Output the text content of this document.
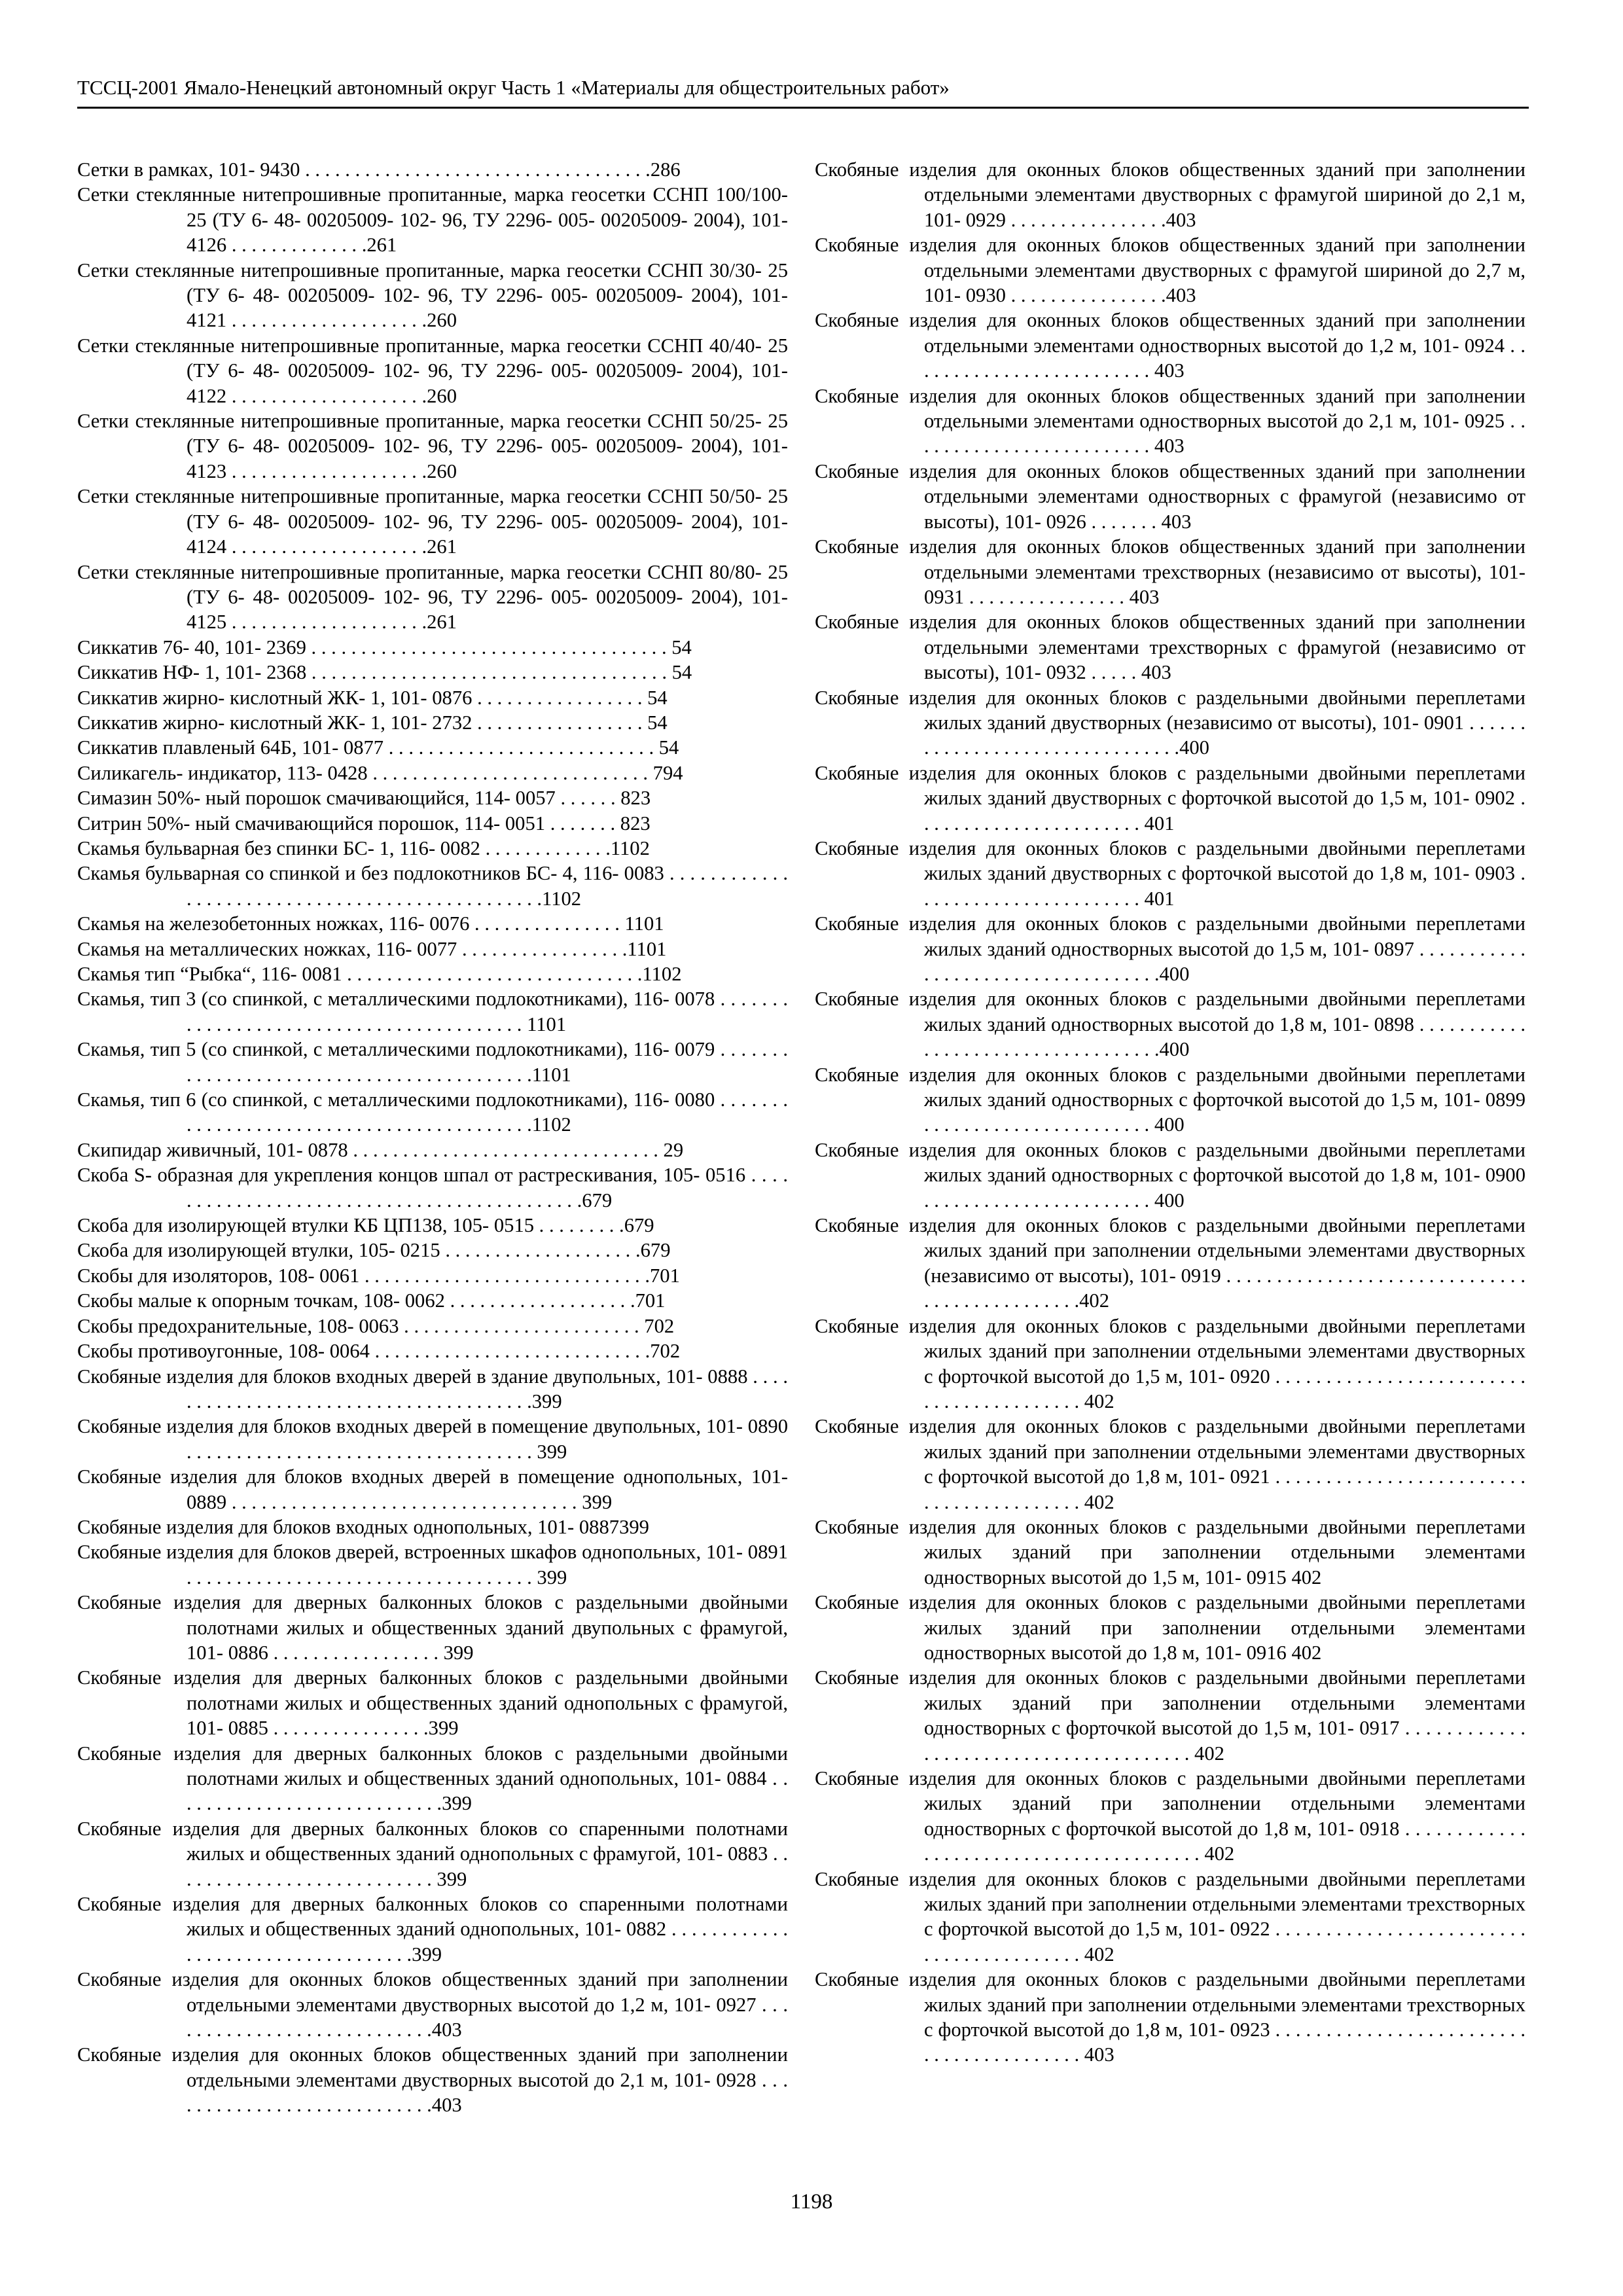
ТССЦ-2001 Ямало-Ненецкий автономный округ Часть 1 «Материалы для общестроительных работ»

Сетки в рамках, 101- 9430 . . . . . . . . . . . . . . . . . . . . . . . . . . . . . . . . . . .286

Сетки стеклянные нитепрошивные пропитанные, марка геосетки ССНП 100/100- 25 (ТУ 6- 48- 00205009- 102- 96, ТУ 2296- 005- 00205009- 2004), 101- 4126 . . . . . . . . . . . . . .261

Сетки стеклянные нитепрошивные пропитанные, марка геосетки ССНП 30/30- 25 (ТУ 6- 48- 00205009- 102- 96, ТУ 2296- 005- 00205009- 2004), 101- 4121 . . . . . . . . . . . . . . . . . . . .260

Сетки стеклянные нитепрошивные пропитанные, марка геосетки ССНП 40/40- 25 (ТУ 6- 48- 00205009- 102- 96, ТУ 2296- 005- 00205009- 2004), 101- 4122 . . . . . . . . . . . . . . . . . . . .260

Сетки стеклянные нитепрошивные пропитанные, марка геосетки ССНП 50/25- 25 (ТУ 6- 48- 00205009- 102- 96, ТУ 2296- 005- 00205009- 2004), 101- 4123 . . . . . . . . . . . . . . . . . . . .260

Сетки стеклянные нитепрошивные пропитанные, марка геосетки ССНП 50/50- 25 (ТУ 6- 48- 00205009- 102- 96, ТУ 2296- 005- 00205009- 2004), 101- 4124 . . . . . . . . . . . . . . . . . . . .261

Сетки стеклянные нитепрошивные пропитанные, марка геосетки ССНП 80/80- 25 (ТУ 6- 48- 00205009- 102- 96, ТУ 2296- 005- 00205009- 2004), 101- 4125 . . . . . . . . . . . . . . . . . . . .261

Сиккатив 76- 40, 101- 2369 . . . . . . . . . . . . . . . . . . . . . . . . . . . . . . . . . . . . 54

Сиккатив НФ- 1, 101- 2368 . . . . . . . . . . . . . . . . . . . . . . . . . . . . . . . . . . . . 54

Сиккатив жирно- кислотный ЖК- 1, 101- 0876 . . . . . . . . . . . . . . . . . 54

Сиккатив жирно- кислотный ЖК- 1, 101- 2732 . . . . . . . . . . . . . . . . . 54

Сиккатив плавленый 64Б, 101- 0877 . . . . . . . . . . . . . . . . . . . . . . . . . . . 54

Силикагель- индикатор, 113- 0428 . . . . . . . . . . . . . . . . . . . . . . . . . . . . 794

Симазин 50%- ный порошок смачивающийся, 114- 0057 . . . . . . 823

Ситрин 50%- ный смачивающийся порошок, 114- 0051 . . . . . . . 823

Скамья бульварная без спинки БС- 1, 116- 0082 . . . . . . . . . . . . .1102

Скамья бульварная со спинкой и без подлокотников БС- 4, 116- 0083 . . . . . . . . . . . . . . . . . . . . . . . . . . . . . . . . . . . . . . . . . . . . . . . .1102

Скамья на железобетонных ножках, 116- 0076 . . . . . . . . . . . . . . . 1101

Скамья на металлических ножках, 116- 0077 . . . . . . . . . . . . . . . . .1101

Скамья тип “Рыбка“, 116- 0081 . . . . . . . . . . . . . . . . . . . . . . . . . . . . . .1102

Скамья, тип 3 (со спинкой, с металлическими подлокотниками), 116- 0078 . . . . . . . . . . . . . . . . . . . . . . . . . . . . . . . . . . . . . . . . . 1101

Скамья, тип 5 (со спинкой, с металлическими подлокотниками), 116- 0079 . . . . . . . . . . . . . . . . . . . . . . . . . . . . . . . . . . . . . . . . . .1101

Скамья, тип 6 (со спинкой, с металлическими подлокотниками), 116- 0080 . . . . . . . . . . . . . . . . . . . . . . . . . . . . . . . . . . . . . . . . . .1102

Скипидар живичный, 101- 0878 . . . . . . . . . . . . . . . . . . . . . . . . . . . . . . . 29

Скоба S- образная для укрепления концов шпал от растрескивания, 105- 0516 . . . . . . . . . . . . . . . . . . . . . . . . . . . . . . . . . . . . . . . . . . . .679

Скоба для изолирующей втулки КБ ЦП138, 105- 0515 . . . . . . . . .679

Скоба для изолирующей втулки, 105- 0215 . . . . . . . . . . . . . . . . . . . .679

Скобы для изоляторов, 108- 0061 . . . . . . . . . . . . . . . . . . . . . . . . . . . . .701

Скобы малые к опорным точкам, 108- 0062 . . . . . . . . . . . . . . . . . . .701

Скобы предохранительные, 108- 0063 . . . . . . . . . . . . . . . . . . . . . . . . 702

Скобы противоугонные, 108- 0064 . . . . . . . . . . . . . . . . . . . . . . . . . . . .702

Скобяные изделия для блоков входных дверей в здание двупольных, 101- 0888 . . . . . . . . . . . . . . . . . . . . . . . . . . . . . . . . . . . . . . .399

Скобяные изделия для блоков входных дверей в помещение двупольных, 101- 0890 . . . . . . . . . . . . . . . . . . . . . . . . . . . . . . . . . . . 399

Скобяные изделия для блоков входных дверей в помещение однопольных, 101- 0889 . . . . . . . . . . . . . . . . . . . . . . . . . . . . . . . . . . . 399

Скобяные изделия для блоков входных однопольных, 101- 0887399

Скобяные изделия для блоков дверей, встроенных шкафов однопольных, 101- 0891 . . . . . . . . . . . . . . . . . . . . . . . . . . . . . . . . . . . 399

Скобяные изделия для дверных балконных блоков с раздельными двойными полотнами жилых и общественных зданий двупольных с фрамугой, 101- 0886 . . . . . . . . . . . . . . . . . 399

Скобяные изделия для дверных балконных блоков с раздельными двойными полотнами жилых и общественных зданий однопольных с фрамугой, 101- 0885 . . . . . . . . . . . . . . . .399

Скобяные изделия для дверных балконных блоков с раздельными двойными полотнами жилых и общественных зданий однопольных, 101- 0884 . . . . . . . . . . . . . . . . . . . . . . . . . . . .399

Скобяные изделия для дверных балконных блоков со спаренными полотнами жилых и общественных зданий однопольных с фрамугой, 101- 0883 . . . . . . . . . . . . . . . . . . . . . . . . . . . 399

Скобяные изделия для дверных балконных блоков со спаренными полотнами жилых и общественных зданий однопольных, 101- 0882 . . . . . . . . . . . . . . . . . . . . . . . . . . . . . . . . . . .399

Скобяные изделия для оконных блоков общественных зданий при заполнении отдельными элементами двустворных высотой до 1,2 м, 101- 0927 . . . . . . . . . . . . . . . . . . . . . . . . . . . .403

Скобяные изделия для оконных блоков общественных зданий при заполнении отдельными элементами двустворных высотой до 2,1 м, 101- 0928 . . . . . . . . . . . . . . . . . . . . . . . . . . . .403

Скобяные изделия для оконных блоков общественных зданий при заполнении отдельными элементами двустворных с фрамугой шириной до 2,1 м, 101- 0929 . . . . . . . . . . . . . . . .403

Скобяные изделия для оконных блоков общественных зданий при заполнении отдельными элементами двустворных с фрамугой шириной до 2,7 м, 101- 0930 . . . . . . . . . . . . . . . .403

Скобяные изделия для оконных блоков общественных зданий при заполнении отдельными элементами одностворных высотой до 1,2 м, 101- 0924 . . . . . . . . . . . . . . . . . . . . . . . . . 403

Скобяные изделия для оконных блоков общественных зданий при заполнении отдельными элементами одностворных высотой до 2,1 м, 101- 0925 . . . . . . . . . . . . . . . . . . . . . . . . . 403

Скобяные изделия для оконных блоков общественных зданий при заполнении отдельными элементами одностворных с фрамугой (независимо от высоты), 101- 0926 . . . . . . . 403

Скобяные изделия для оконных блоков общественных зданий при заполнении отдельными элементами трехстворных (независимо от высоты), 101- 0931 . . . . . . . . . . . . . . . . 403

Скобяные изделия для оконных блоков общественных зданий при заполнении отдельными элементами трехстворных с фрамугой (независимо от высоты), 101- 0932 . . . . . 403

Скобяные изделия для оконных блоков с раздельными двойными переплетами жилых зданий двустворных (независимо от высоты), 101- 0901 . . . . . . . . . . . . . . . . . . . . . . . . . . . . . . . .400

Скобяные изделия для оконных блоков с раздельными двойными переплетами жилых зданий двустворных с форточкой высотой до 1,5 м, 101- 0902 . . . . . . . . . . . . . . . . . . . . . . . 401

Скобяные изделия для оконных блоков с раздельными двойными переплетами жилых зданий двустворных с форточкой высотой до 1,8 м, 101- 0903 . . . . . . . . . . . . . . . . . . . . . . . 401

Скобяные изделия для оконных блоков с раздельными двойными переплетами жилых зданий одностворных высотой до 1,5 м, 101- 0897 . . . . . . . . . . . . . . . . . . . . . . . . . . . . . . . . . . .400

Скобяные изделия для оконных блоков с раздельными двойными переплетами жилых зданий одностворных высотой до 1,8 м, 101- 0898 . . . . . . . . . . . . . . . . . . . . . . . . . . . . . . . . . . .400

Скобяные изделия для оконных блоков с раздельными двойными переплетами жилых зданий одностворных с форточкой высотой до 1,5 м, 101- 0899 . . . . . . . . . . . . . . . . . . . . . . . 400

Скобяные изделия для оконных блоков с раздельными двойными переплетами жилых зданий одностворных с форточкой высотой до 1,8 м, 101- 0900 . . . . . . . . . . . . . . . . . . . . . . . 400

Скобяные изделия для оконных блоков с раздельными двойными переплетами жилых зданий при заполнении отдельными элементами двустворных (независимо от высоты), 101- 0919 . . . . . . . . . . . . . . . . . . . . . . . . . . . . . . . . . . . . . . . . . . . . . .402

Скобяные изделия для оконных блоков с раздельными двойными переплетами жилых зданий при заполнении отдельными элементами двустворных с форточкой высотой до 1,5 м, 101- 0920 . . . . . . . . . . . . . . . . . . . . . . . . . . . . . . . . . . . . . . . . . 402

Скобяные изделия для оконных блоков с раздельными двойными переплетами жилых зданий при заполнении отдельными элементами двустворных с форточкой высотой до 1,8 м, 101- 0921 . . . . . . . . . . . . . . . . . . . . . . . . . . . . . . . . . . . . . . . . . 402

Скобяные изделия для оконных блоков с раздельными двойными переплетами жилых зданий при заполнении отдельными элементами одностворных высотой до 1,5 м, 101- 0915 402

Скобяные изделия для оконных блоков с раздельными двойными переплетами жилых зданий при заполнении отдельными элементами одностворных высотой до 1,8 м, 101- 0916 402

Скобяные изделия для оконных блоков с раздельными двойными переплетами жилых зданий при заполнении отдельными элементами одностворных с форточкой высотой до 1,5 м, 101- 0917 . . . . . . . . . . . . . . . . . . . . . . . . . . . . . . . . . . . . . . . 402

Скобяные изделия для оконных блоков с раздельными двойными переплетами жилых зданий при заполнении отдельными элементами одностворных с форточкой высотой до 1,8 м, 101- 0918 . . . . . . . . . . . . . . . . . . . . . . . . . . . . . . . . . . . . . . . . 402

Скобяные изделия для оконных блоков с раздельными двойными переплетами жилых зданий при заполнении отдельными элементами трехстворных с форточкой высотой до 1,5 м, 101- 0922 . . . . . . . . . . . . . . . . . . . . . . . . . . . . . . . . . . . . . . . . . 402

Скобяные изделия для оконных блоков с раздельными двойными переплетами жилых зданий при заполнении отдельными элементами трехстворных с форточкой высотой до 1,8 м, 101- 0923 . . . . . . . . . . . . . . . . . . . . . . . . . . . . . . . . . . . . . . . . . 403

1198
